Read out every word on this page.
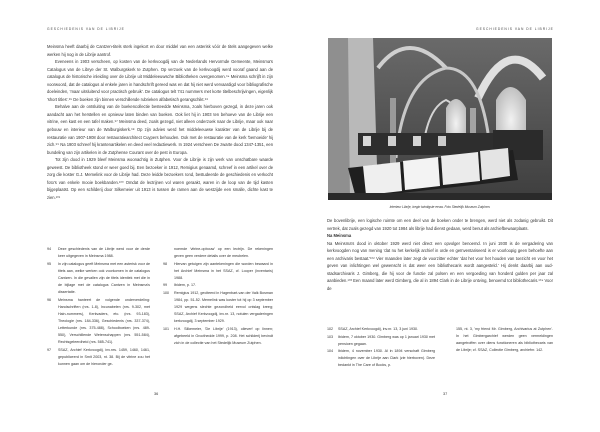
GESCHIEDENIS VAN DE LIBRIJE

Meinsma heeft daarbij de Cantzen-titels sterk ingekort en door middel van een asterisk vóór de titels aangegeven welke werken hij nog in de Librije aantrof.

Eveneens in 1903 verscheen, op kosten van de kerkvoogdij van de Nederlands Hervormde Gemeente, Meinsma's Catalogus van de Librye der St. Walburgskerk te Zutphen. Op verzoek van de kerkvoogdij werd vooraf gaand aan de catalogus de historische inleiding over de Librije uit Middeleeuwsche Bibliotheken overgenomen.⁹⁴ Meinsma schrijft in zijn voorwoord, dat de catalogus al enkele jaren in handschrift gereed was en dat hij niet werd vervaardigd voor bibliografische doeleinden, 'maar uitsluitend voor practisch gebruik'. De catalogus telt 741 nummers met korte titelbeschrijvingen, eigenlijk 'short titles'.⁹⁵ De boeken zijn binnen verschillende rubrieken alfabetisch gerangschikt.⁹⁶

Behalve aan de ontsluiting van de boekencollectie besteedde Meinsma, zoals hierboven gezegd, in deze jaren ook aandacht aan het herstellen en opnieuw laten binden van boeken. Ook liet hij in 1903 ten behoeve van de Librije een vitrine, een kast en een tafel maken.⁹⁷ Meinsma deed, zoals gezegd, niet alleen onderzoek naar de Librije, maar ook naar gebouw en interieur van de Walburgiskerk.⁹⁸ Op zijn advies werd het middeleeuwse karakter van de Librije bij de restauratie van 1907-1908 door restauratiearchitect Cuypers behouden. Ook met de restauratie van de kerk 'bemoeide' hij zich.⁹⁹ Na 1903 schreef hij krantenartikelen en deed veel redactiewerk. In 1924 verscheen De zwarte dood 1347-1351, een bundeling van zijn artikelen in de Zutphense Courant over de pest in Europa.

Tot zijn dood in 1929 bleef Meinsma woonachtig in Zutphen. Voor de Librije is zijn werk van onschatbare waarde geweest. De bibliotheek stond er weer goed bij. Een bezoeker in 1912, Remigius genaamd, schreef in een artikel over de zorg die koster G.J. Memelink voor de Librije had. Deze leidde bezoekers rond, bestudeerde de geschiedenis en verkocht foto's van enkele mooie boekbanden.¹⁰⁰ Omdat de lectrijnen vol waren geraakt, waren in de loop van de tijd kasten bijgeplaatst. Op een schilderij door Silkemeier uit 1913 is tussen de ramen aan de westzijde een smalle, dichte kast te zien.¹⁰¹

94 Deze geschiedenis van de Librije werd voor de derde keer uitgegeven in Meinsma 1988.
95 In zijn catalogus geeft Meinsma met een asterisk voor de titels aan, welke werken ook voorkomen in de catalogus Cantzen. In die gevallen zijn de titels identiek met die in de bijlage met de catalogus Cantzen in Meinsma's dissertatie.
96 Meinsma hanteert de volgende onderverdeling: Handschriften (nrs. 1-8), Incunabelen (nrs. 9-302, met Hain-nummers), Kerkvaders, etc. (nrs. 93-183), Theologie (nrs. 184-336), Geschiedenis (nrs. 337-374), Letterkunde (nrs. 375-488), Schoolboeken (nrs. 489-550), Verschillende Wetenschappen (nrs. 551-584), Rechtsgeleerdheid (nrs. 585-741).
97 SSAZ, Archief Kerkvoogdij, inv.nrs. 1459, 1460, 1461, gepubliceerd in Smit 2003, nt. 38. Bij de vitrine zou het kunnen gaan om de hieronder ge-
noemde 'vitrine-opbouw' op een lectrijn. De rekeningen geven geen verdere details over de meubelen.
98 Hiervan getuigen zijn aantekeningen die worden bewaard in het Archief Meinsma in het SSAZ, cf. Looper (inventaris) 1988.
99 Ibidem, p. 17.
100 Remigius 1912, geciteerd in Hagenbart-van der Valk Bosman 1984, pp. 51-52. Memelink was koster tot hij op 3 september 1929 wegens slechte gezondheid eervol ontslag kreeg; SSAZ, Archief Kerkvoogdij, inv.nr. 13, notulen vergaderingen kerkvoogdij, 3 september 1929.
101 H.H. Silkemeier, 'De Librije' (1913), olieverf op linnen; afgebeeld in Groothedde 1999, p. 208. Het schilderij bevindt zich in de collectie van het Stedelijk Museum Zutphen.
36
GESCHIEDENIS VAN DE LIBRIJE
Interieur Librije, begin twintigste eeuw. Foto Stedelijk Museum Zutphen.

De bovenlibrije, een logische ruimte om een deel van de boeken onder te brengen, werd niet als zodanig gebruikt. Dit vertrek, dat zoals gezegd van 1920 tot 1984 als librije had dienst gedaan, werd benut als archiefbewaarplaats.

Na Meinsma

Na Meinsma's dood in oktober 1929 werd niet direct een opvolger benoemd. In juni 1930 is de vergadering van kerkvoogden nog van mening 'dat nu het kerkelijk archief in orde en geïnventariseerd is er voorloopig geen behoefte aan een archivaris bestaat.'¹⁰² Vier maanden later zegt de voorzitter echter 'dat het voor het houden van toezicht en voor het geven van inlichtingen wel gewenscht is dat weer een bibliothecaris wordt aangesteld.' Hij denkt daarbij aan oud-stadsarchivaris J. Gimberg, die hij voor de functie zal polsen en een vergoeding van honderd gulden per jaar zal aanbieden.¹⁰³ Een maand later werd Gimberg, die al in 1894 Clark in de Librije ontving, benoemd tot bibliothecaris.¹⁰⁴ Voor de

102 SSAZ, Archief Kerkvoogdij, inv.nr. 13, 3 juni 1930.
103 Ibidem, 7 oktober 1930. Gimberg was op 1 januari 1930 met pensioen gegaan.
104 Ibidem, 4 november 1930. Al in 1894 verschaft Gimberg inlichtingen over de Librije aan Clark (zie hierboven). Deze bedankt in The Care of Books, p.
155, nt. 3, 'my friend Mr. Gimberg, Archivarius at Zutphen'. In het Gimbergarchief werden geen vermeldingen aangetroffen over diens functioneren als bibliothecaris van de Librije; cf. SSAZ, Collectie Gimberg, archiefnr. 142.
37
